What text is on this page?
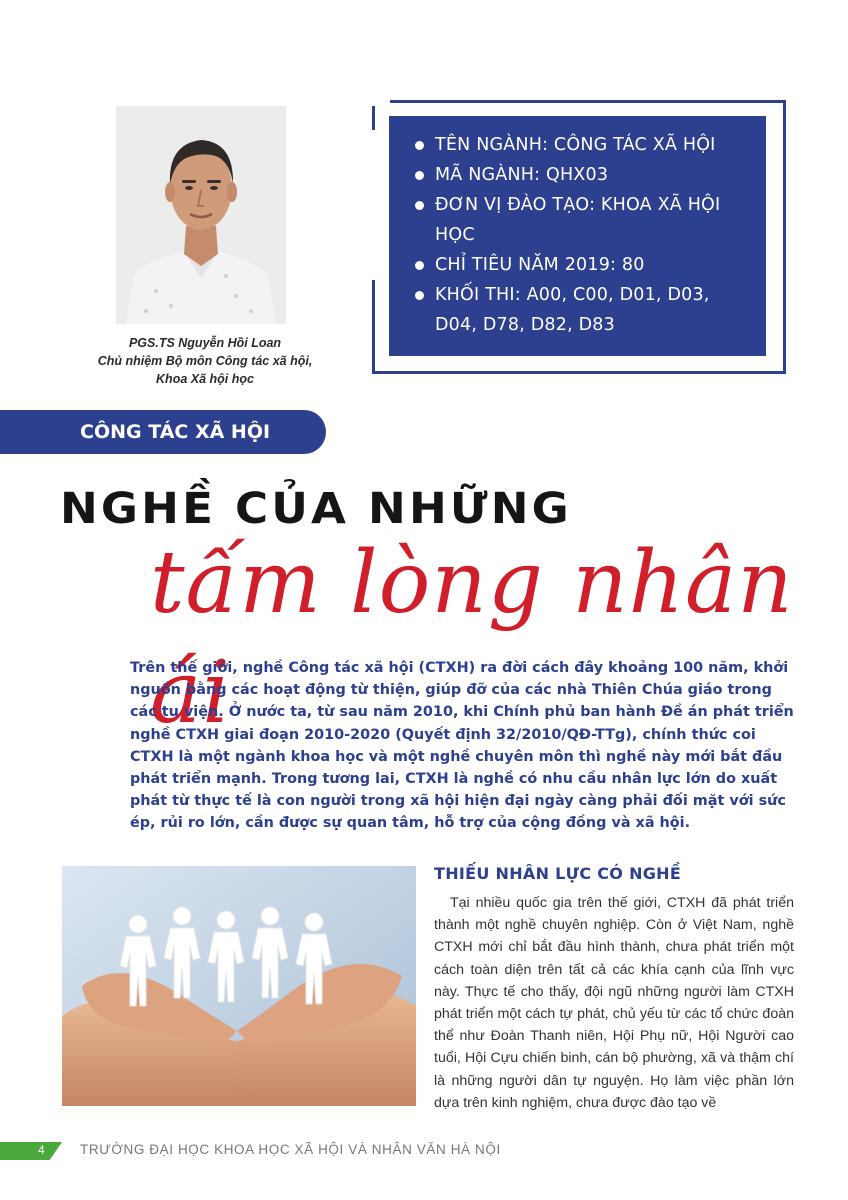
PGS.TS Nguyễn Hồi Loan
Chủ nhiệm Bộ môn Công tác xã hội,
Khoa Xã hội học
TÊN NGÀNH: CÔNG TÁC XÃ HỘI
MÃ NGÀNH: QHX03
ĐƠN VỊ ĐÀO TẠO: KHOA XÃ HỘI HỌC
CHỈ TIÊU NĂM 2019: 80
KHỐI THI: A00, C00, D01, D03, D04, D78, D82, D83
CÔNG TÁC XÃ HỘI
NGHỀ CỦA NHỮNG
tấm lòng nhân ái

Trên thế giới, nghề Công tác xã hội (CTXH) ra đời cách đây khoảng 100 năm, khởi nguồn bằng các hoạt động từ thiện, giúp đỡ của các nhà Thiên Chúa giáo trong các tu viện. Ở nước ta, từ sau năm 2010, khi Chính phủ ban hành Đề án phát triển nghề CTXH giai đoạn 2010-2020 (Quyết định 32/2010/QĐ-TTg), chính thức coi CTXH là một ngành khoa học và một nghề chuyên môn thì nghề này mới bắt đầu phát triển mạnh. Trong tương lai, CTXH là nghề có nhu cầu nhân lực lớn do xuất phát từ thực tế là con người trong xã hội hiện đại ngày càng phải đối mặt với sức ép, rủi ro lớn, cần được sự quan tâm, hỗ trợ của cộng đồng và xã hội.

THIẾU NHÂN LỰC CÓ NGHỀ

Tại nhiều quốc gia trên thế giới, CTXH đã phát triển thành một nghề chuyên nghiệp. Còn ở Việt Nam, nghề CTXH mới chỉ bắt đầu hình thành, chưa phát triển một cách toàn diện trên tất cả các khía cạnh của lĩnh vực này. Thực tế cho thấy, đội ngũ những người làm CTXH phát triển một cách tự phát, chủ yếu từ các tổ chức đoàn thể như Đoàn Thanh niên, Hội Phụ nữ, Hội Người cao tuổi, Hội Cựu chiến binh, cán bộ phường, xã và thậm chí là những người dân tự nguyện. Họ làm việc phần lớn dựa trên kinh nghiệm, chưa được đào tạo về

4	TRƯỜNG ĐẠI HỌC KHOA HỌC XÃ HỘI VÀ NHÂN VĂN HÀ NỘI
